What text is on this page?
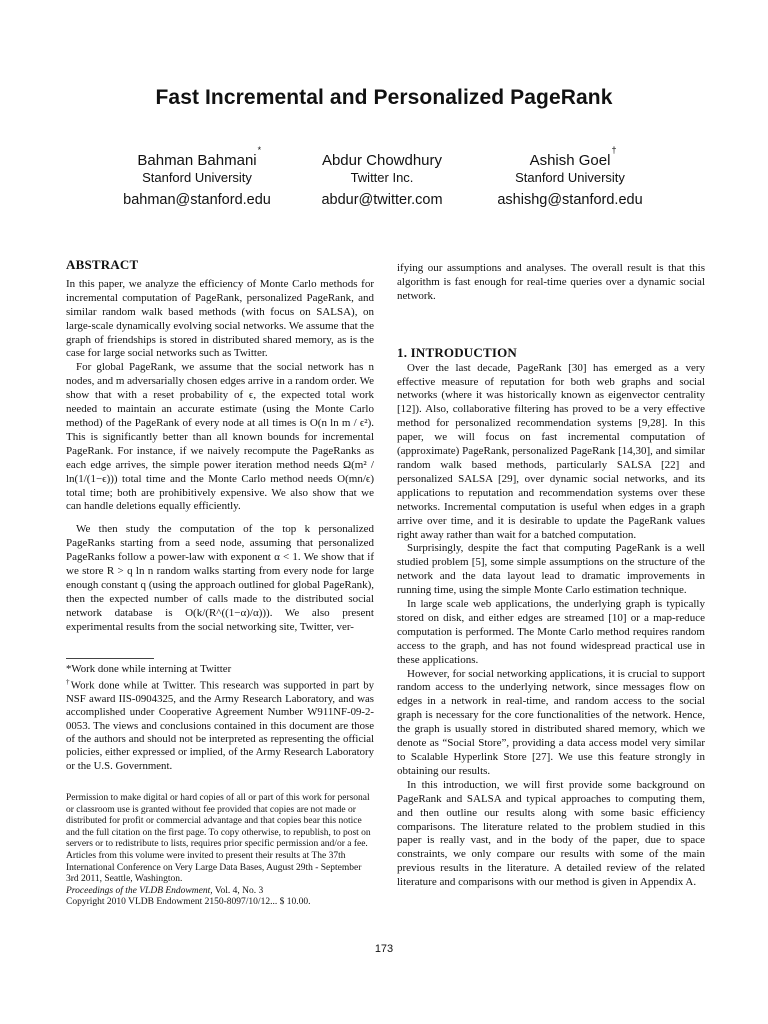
Fast Incremental and Personalized PageRank
Bahman Bahmani
*
Stanford University
bahman@stanford.edu
Abdur Chowdhury
Twitter Inc.
abdur@twitter.com
Ashish Goel
†
Stanford University
ashishg@stanford.edu
ABSTRACT

In this paper, we analyze the efficiency of Monte Carlo methods for incremental computation of PageRank, personalized PageRank, and similar random walk based methods (with focus on SALSA), on large-scale dynamically evolving social networks. We assume that the graph of friendships is stored in distributed shared memory, as is the case for large social networks such as Twitter.

For global PageRank, we assume that the social network has n nodes, and m adversarially chosen edges arrive in a random order. We show that with a reset probability of ϵ, the expected total work needed to maintain an accurate estimate (using the Monte Carlo method) of the PageRank of every node at all times is O(n ln m / ϵ²). This is significantly better than all known bounds for incremental PageRank. For instance, if we naively recompute the PageRanks as each edge arrives, the simple power iteration method needs Ω(m² / ln(1/(1−ϵ))) total time and the Monte Carlo method needs O(mn/ϵ) total time; both are prohibitively expensive. We also show that we can handle deletions equally efficiently.

We then study the computation of the top k personalized PageRanks starting from a seed node, assuming that personalized PageRanks follow a power-law with exponent α < 1. We show that if we store R > q ln n random walks starting from every node for large enough constant q (using the approach outlined for global PageRank), then the expected number of calls made to the distributed social network database is O(k/(R^((1−α)/α))). We also present experimental results from the social networking site, Twitter, ver-

*Work done while interning at Twitter

†Work done while at Twitter. This research was supported in part by NSF award IIS-0904325, and the Army Research Laboratory, and was accomplished under Cooperative Agreement Number W911NF-09-2-0053. The views and conclusions contained in this document are those of the authors and should not be interpreted as representing the official policies, either expressed or implied, of the Army Research Laboratory or the U.S. Government.

Permission to make digital or hard copies of all or part of this work for personal or classroom use is granted without fee provided that copies are not made or distributed for profit or commercial advantage and that copies bear this notice and the full citation on the first page. To copy otherwise, to republish, to post on servers or to redistribute to lists, requires prior specific permission and/or a fee. Articles from this volume were invited to present their results at The 37th International Conference on Very Large Data Bases, August 29th - September 3rd 2011, Seattle, Washington.

Proceedings of the VLDB Endowment, Vol. 4, No. 3

Copyright 2010 VLDB Endowment 2150-8097/10/12... $ 10.00.

ifying our assumptions and analyses. The overall result is that this algorithm is fast enough for real-time queries over a dynamic social network.

1. INTRODUCTION

Over the last decade, PageRank [30] has emerged as a very effective measure of reputation for both web graphs and social networks (where it was historically known as eigenvector centrality [12]). Also, collaborative filtering has proved to be a very effective method for personalized recommendation systems [9,28]. In this paper, we will focus on fast incremental computation of (approximate) PageRank, personalized PageRank [14,30], and similar random walk based methods, particularly SALSA [22] and personalized SALSA [29], over dynamic social networks, and its applications to reputation and recommendation systems over these networks. Incremental computation is useful when edges in a graph arrive over time, and it is desirable to update the PageRank values right away rather than wait for a batched computation.

Surprisingly, despite the fact that computing PageRank is a well studied problem [5], some simple assumptions on the structure of the network and the data layout lead to dramatic improvements in running time, using the simple Monte Carlo estimation technique.

In large scale web applications, the underlying graph is typically stored on disk, and either edges are streamed [10] or a map-reduce computation is performed. The Monte Carlo method requires random access to the graph, and has not found widespread practical use in these applications.

However, for social networking applications, it is crucial to support random access to the underlying network, since messages flow on edges in a network in real-time, and random access to the social graph is necessary for the core functionalities of the network. Hence, the graph is usually stored in distributed shared memory, which we denote as “Social Store”, providing a data access model very similar to Scalable Hyperlink Store [27]. We use this feature strongly in obtaining our results.

In this introduction, we will first provide some background on PageRank and SALSA and typical approaches to computing them, and then outline our results along with some basic efficiency comparisons. The literature related to the problem studied in this paper is really vast, and in the body of the paper, due to space constraints, we only compare our results with some of the main previous results in the literature. A detailed review of the related literature and comparisons with our method is given in Appendix A.

173
